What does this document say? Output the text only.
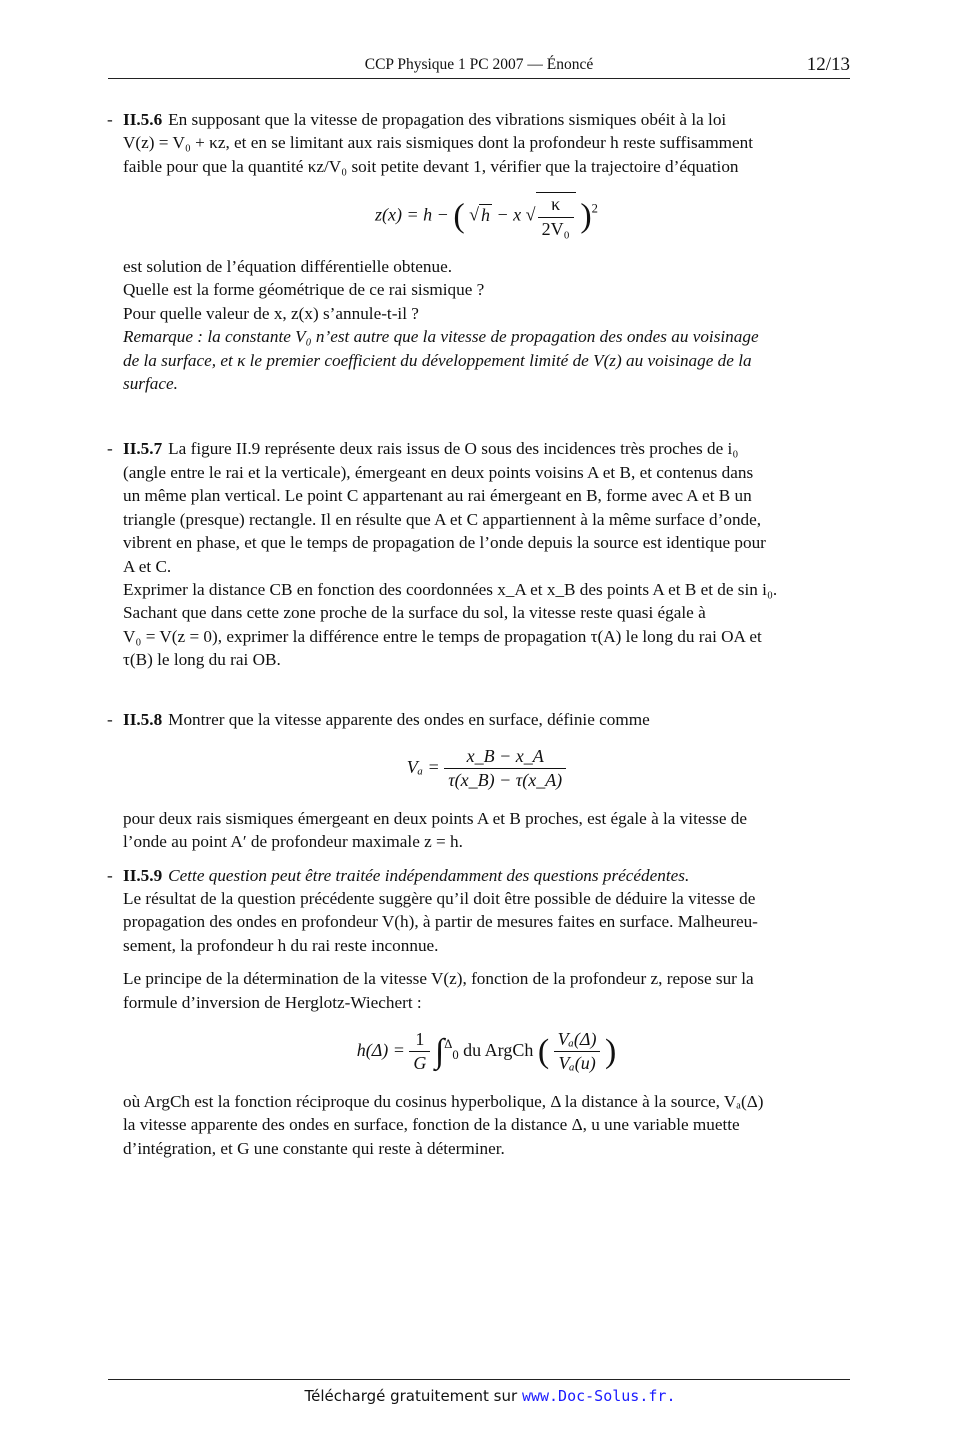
CCP Physique 1 PC 2007 — Énoncé	12/13
- II.5.6 En supposant que la vitesse de propagation des vibrations sismiques obéit à la loi
V(z) = V₀ + κz, et en se limitant aux rais sismiques dont la profondeur h reste suffisamment
faible pour que la quantité κz/V₀ soit petite devant 1, vérifier que la trajectoire d’équation
z(x) = h − ( √ h − x √ $\frac{\kappa}{\text{2V₀}} )^2$
est solution de l’équation différentielle obtenue.
Quelle est la forme géométrique de ce rai sismique ?
Pour quelle valeur de x, z(x) s’annule-t-il ?
Remarque : la constante V₀ n’est autre que la vitesse de propagation des ondes au voisinage
de la surface, et κ le premier coefficient du développement limité de V(z) au voisinage de la
surface.
- II.5.7 La figure II.9 représente deux rais issus de O sous des incidences très proches de i₀
(angle entre le rai et la verticale), émergeant en deux points voisins A et B, et contenus dans
un même plan vertical. Le point C appartenant au rai émergeant en B, forme avec A et B un
triangle (presque) rectangle. Il en résulte que A et C appartiennent à la même surface d’onde,
vibrent en phase, et que le temps de propagation de l’onde depuis la source est identique pour
A et C.
Exprimer la distance CB en fonction des coordonnées x_A et x_B des points A et B et de sin i₀.
Sachant que dans cette zone proche de la surface du sol, la vitesse reste quasi égale à
V₀ = V(z = 0), exprimer la différence entre le temps de propagation τ(A) le long du rai OA et
τ(B) le long du rai OB.
- II.5.8 Montrer que la vitesse apparente des ondes en surface, définie comme
$V_a = \frac{x\_B - x\_A}{\tau(x\_B) - \tau(x\_A)}$
pour deux rais sismiques émergeant en deux points A et B proches, est égale à la vitesse de
l’onde au point A′ de profondeur maximale z = h.
- II.5.9 Cette question peut être traitée indépendamment des questions précédentes.
Le résultat de la question précédente suggère qu’il doit être possible de déduire la vitesse de
propagation des ondes en profondeur V(h), à partir de mesures faites en surface. Malheureu-
sement, la profondeur h du rai reste inconnue.
Le principe de la détermination de la vitesse V(z), fonction de la profondeur z, repose sur la
formule d’inversion de Herglotz-Wiechert :
$h(\Delta) = \frac{1}{G} \int^\Delta_0$ du ArgCh ( $\frac{\text{Vₐ(Δ)}}{\text{Vₐ(u)}}$ )
où ArgCh est la fonction réciproque du cosinus hyperbolique, Δ la distance à la source, Vₐ(Δ)
la vitesse apparente des ondes en surface, fonction de la distance Δ, u une variable muette
d’intégration, et G une constante qui reste à déterminer.
Téléchargé gratuitement sur www.Doc-Solus.fr.
